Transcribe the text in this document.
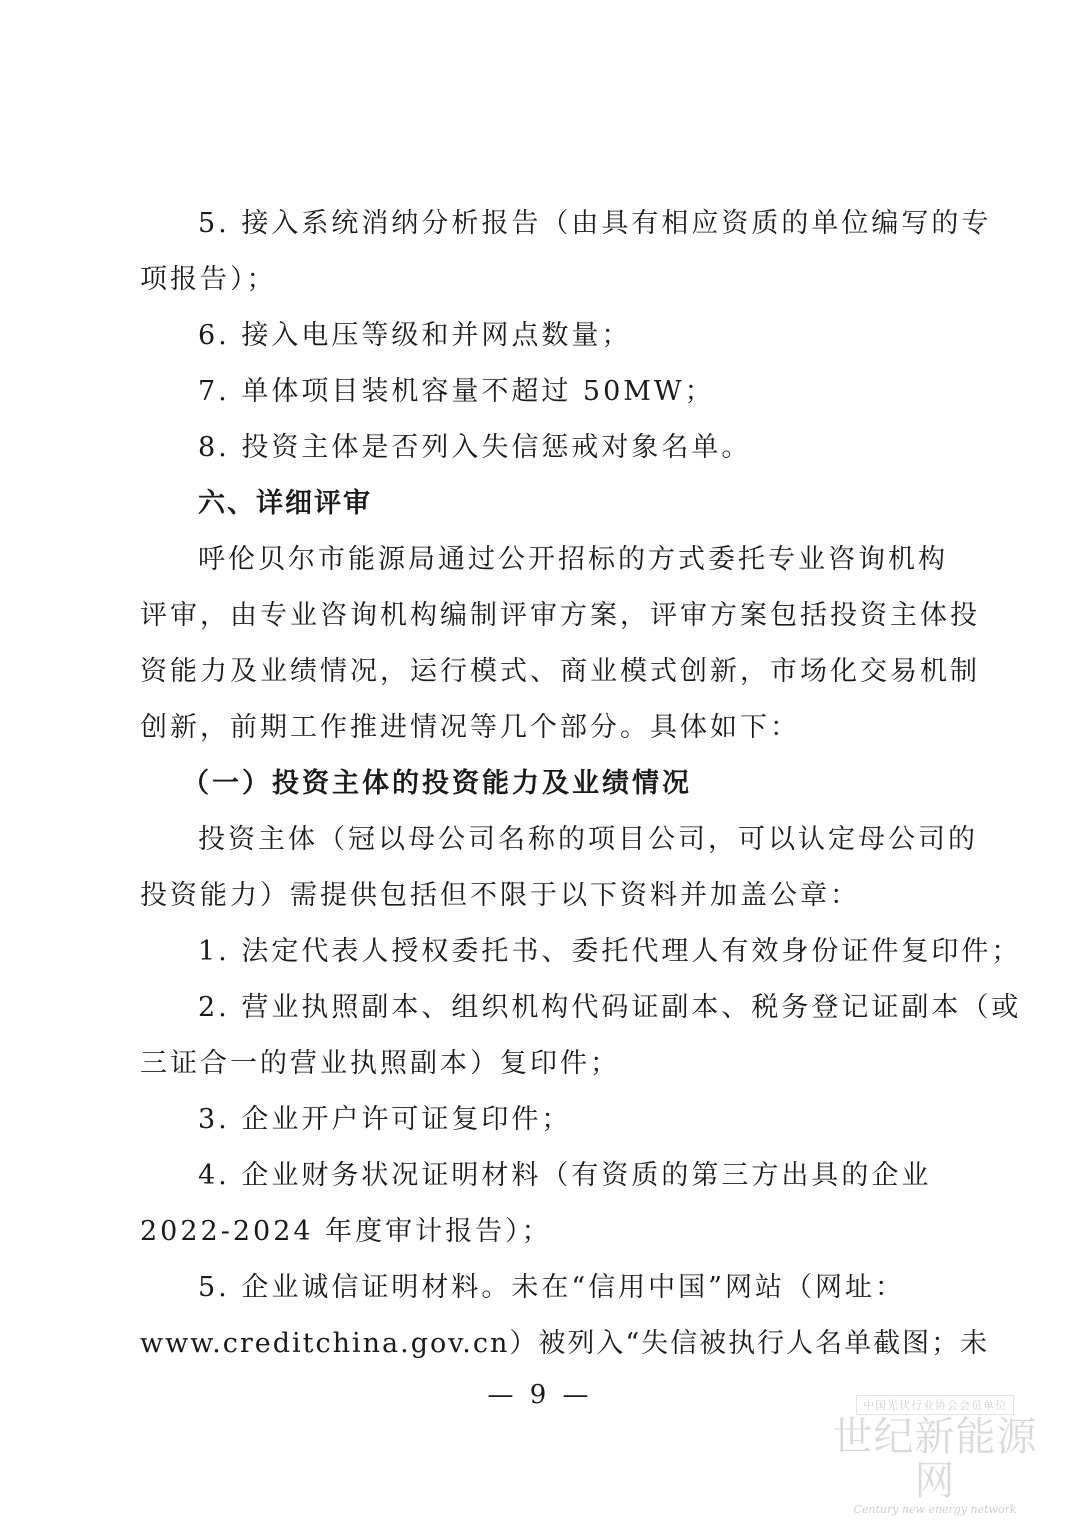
5. 接入系统消纳分析报告（由具有相应资质的单位编写的专
项报告）；
6. 接入电压等级和并网点数量；
7. 单体项目装机容量不超过 50MW；
8. 投资主体是否列入失信惩戒对象名单。
六、详细评审
呼伦贝尔市能源局通过公开招标的方式委托专业咨询机构
评审，由专业咨询机构编制评审方案，评审方案包括投资主体投
资能力及业绩情况，运行模式、商业模式创新，市场化交易机制
创新，前期工作推进情况等几个部分。具体如下：
（一）投资主体的投资能力及业绩情况
投资主体（冠以母公司名称的项目公司，可以认定母公司的
投资能力）需提供包括但不限于以下资料并加盖公章：
1. 法定代表人授权委托书、委托代理人有效身份证件复印件；
2. 营业执照副本、组织机构代码证副本、税务登记证副本（或
三证合一的营业执照副本）复印件；
3. 企业开户许可证复印件；
4. 企业财务状况证明材料（有资质的第三方出具的企业
2022-2024 年度审计报告）；
5. 企业诚信证明材料。未在“信用中国”网站（网址：
www.creditchina.gov.cn）被列入“失信被执行人名单截图；未
— 9 —	中国光伏行业协会会员单位
世纪新能源网
Century new energy network
